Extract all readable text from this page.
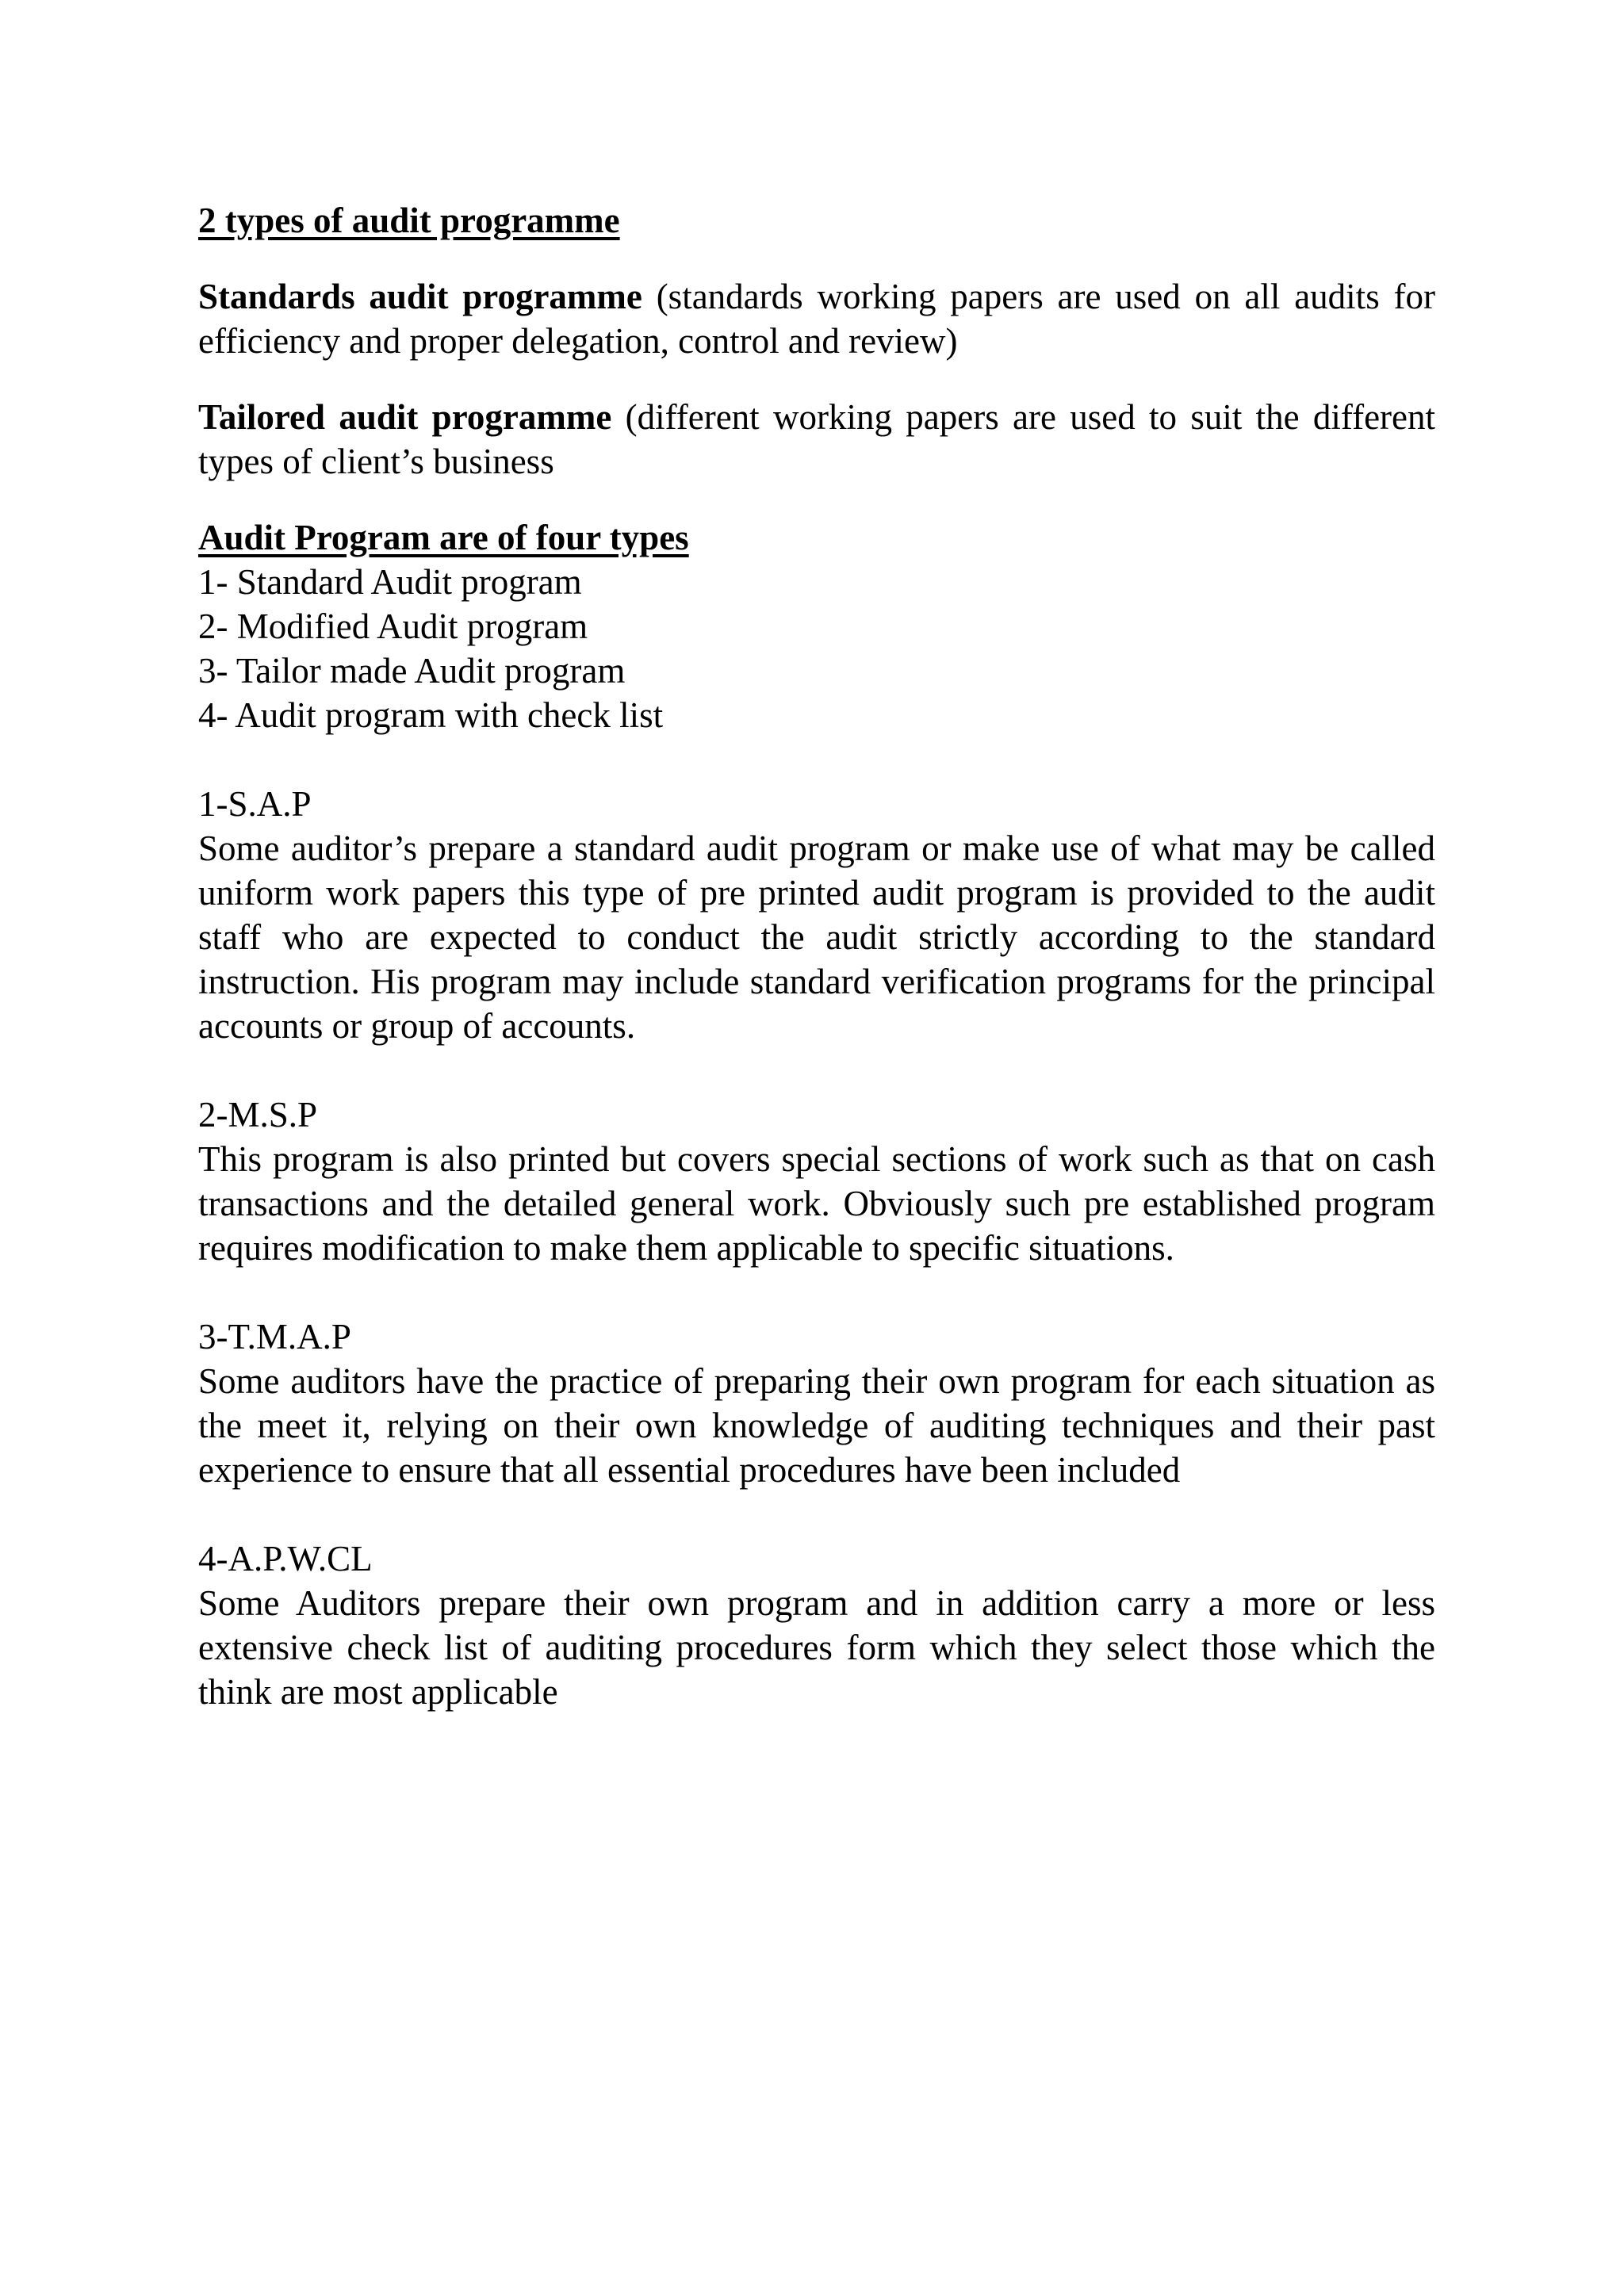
2 types of audit programme

Standards audit programme (standards working papers are used on all audits for efficiency and proper delegation, control and review)

Tailored audit programme (different working papers are used to suit the different types of client’s business

Audit Program are of four types

1- Standard Audit program
2- Modified Audit program
3- Tailor made Audit program
4- Audit program with check list

1-S.A.P

Some auditor’s prepare a standard audit program or make use of what may be called uniform work papers this type of pre printed audit program is provided to the audit staff who are expected to conduct the audit strictly according to the standard instruction. His program may include standard verification programs for the principal accounts or group of accounts.

2-M.S.P

This program is also printed but covers special sections of work such as that on cash transactions and the detailed general work. Obviously such pre established program requires modification to make them applicable to specific situations.

3-T.M.A.P

Some auditors have the practice of preparing their own program for each situation as the meet it, relying on their own knowledge of auditing techniques and their past experience to ensure that all essential procedures have been included

4-A.P.W.CL

Some Auditors prepare their own program and in addition carry a more or less extensive check list of auditing procedures form which they select those which the think are most applicable
